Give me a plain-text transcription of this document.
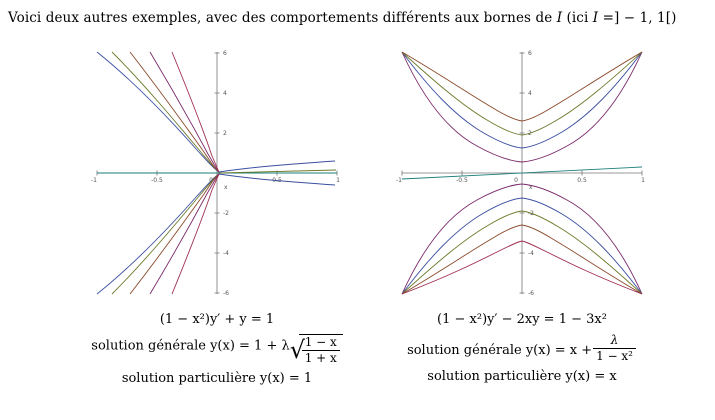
Voici deux autres exemples, avec des comportements différents aux bornes de I (ici I =] − 1, 1[)
-1	-0.5	0	0.5	1
6
4
2
-2
-4
-6
x
(1 − x²)y′ + y = 1
solution générale y(x) = 1 + λ √
$\frac{1 - x}{1 + x}$
solution particulière y(x) = 1
-1	-0.5	0	0.5	1
6
4
2
-2
-4
-6
x
(1 − x²)y′ − 2xy = 1 − 3x²
solution générale $y(x) = x + \frac{\lambda}{\text{1 − x²}}$
solution particulière y(x) = x
